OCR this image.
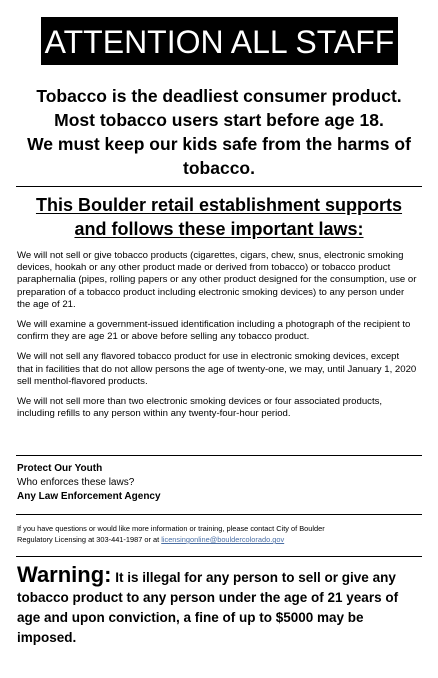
ATTENTION ALL STAFF
Tobacco is the deadliest consumer product.
Most tobacco users start before age 18.
We must keep our kids safe from the harms of
tobacco.
This Boulder retail establishment supports
and follows these important laws:

We will not sell or give tobacco products (cigarettes, cigars, chew, snus, electronic smoking devices, hookah or any other product made or derived from tobacco) or tobacco product paraphernalia (pipes, rolling papers or any other product designed for the consumption, use or preparation of a tobacco product including electronic smoking devices) to any person under the age of 21.

We will examine a government-issued identification including a photograph of the recipient to confirm they are age 21 or above before selling any tobacco product.

We will not sell any flavored tobacco product for use in electronic smoking devices, except that in facilities that do not allow persons the age of twenty-one, we may, until January 1, 2020 sell menthol-flavored products.

We will not sell more than two electronic smoking devices or four associated products, including refills to any person within any twenty-four-hour period.

Protect Our Youth
Who enforces these laws?
Any Law Enforcement Agency
If you have questions or would like more information or training, please contact City of Boulder
Regulatory Licensing at 303-441-1987 or at licensingonline@bouldercolorado.gov
Warning: It is illegal for any person to sell or give any tobacco product to any person under the age of 21 years of age and upon conviction, a fine of up to $5000 may be imposed.
